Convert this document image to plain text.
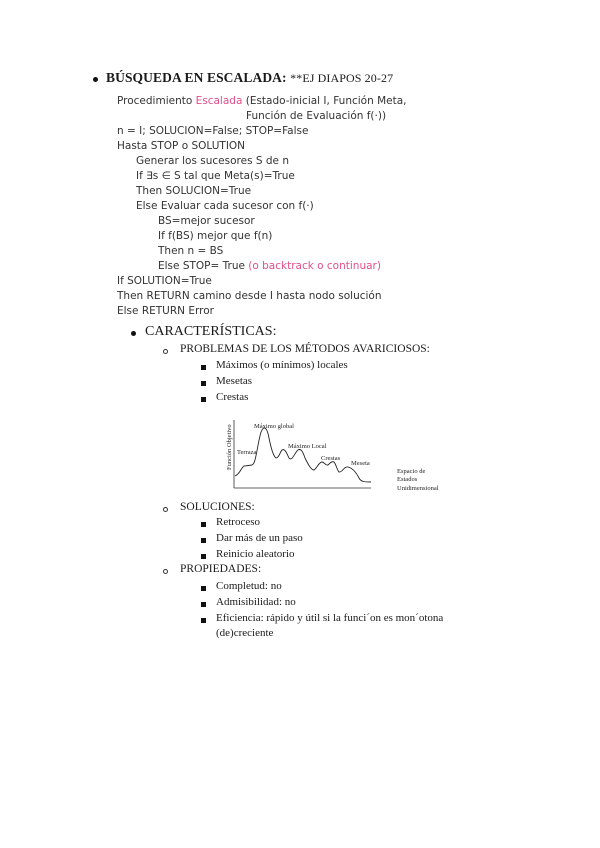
BÚSQUEDA EN ESCALADA: **EJ DIAPOS 20-27
Procedimiento Escalada (Estado-inicial I, Función Meta,
Función de Evaluación f(·))
n = I; SOLUCION=False; STOP=False
Hasta STOP o SOLUTION
Generar los sucesores S de n
If ∃s ∈ S tal que Meta(s)=True
Then SOLUCION=True
Else Evaluar cada sucesor con f(·)
BS=mejor sucesor
If f(BS) mejor que f(n)
Then n = BS
Else STOP= True (o backtrack o continuar)
If SOLUTION=True
Then RETURN camino desde I hasta nodo solución
Else RETURN Error
CARACTERÍSTICAS:
PROBLEMAS DE LOS MÉTODOS AVARICIOSOS:
Máximos (o mínimos) locales
Mesetas
Crestas
Función Objetivo	Máximo global
Máximo Local
Terraza
Crestas
Meseta
Espacio de
Estados
Unidimensional
SOLUCIONES:
Retroceso
Dar más de un paso
Reinicio aleatorio
PROPIEDADES:
Completud: no
Admisibilidad: no
Eficiencia: rápido y útil si la funci´on es mon´otona
(de)creciente
